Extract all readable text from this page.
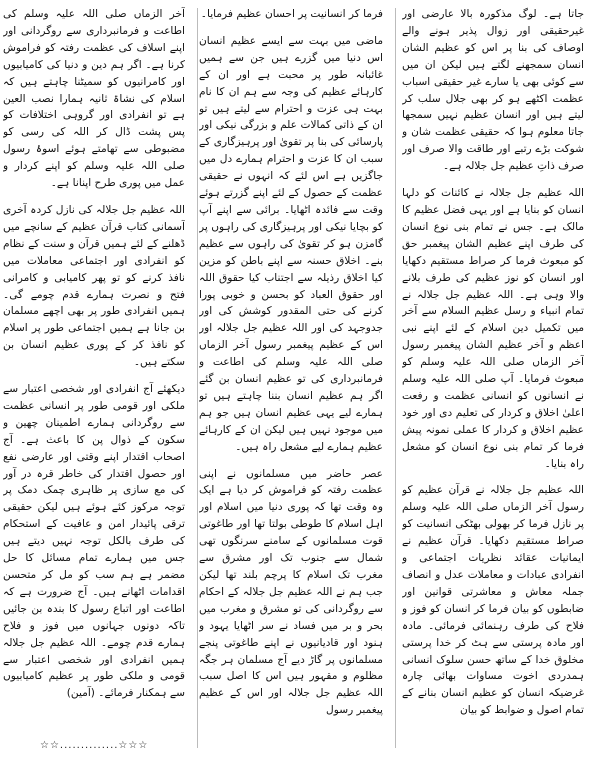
جاتا ہے۔ لوگ مذکورہ بالا عارضی اور غیرحقیقی اور زوال پذیر ہونے والے اوصاف کی بنا پر اس کو عظیم الشان انسان سمجھنے لگتے ہیں لیکن ان میں سے کوئی بھی یا سارے غیر حقیقی اسباب عظمت اکٹھے ہو کر بھی جلال سلب کر لیتے ہیں اور انسان عظیم نہیں سمجھا جاتا معلوم ہوا کہ حقیقی عظمت شان و شوکت بڑے رتبے اور طاقت والا صرف اور صرف ذاتِ عظیم جل جلالہ ہے۔

اللہ عظیم جل جلالہ نے کائنات کو دلہا انسان کو بنایا ہے اور یہی فضل عظیم کا مالک ہے۔ جس نے تمام بنی نوع انسان کی طرف اپنے عظیم الشان پیغمبر حق کو مبعوث فرما کر صراط مستقیم دکھایا اور انسان کو نوز عظیم کی طرف بلانے والا وہی ہے۔ اللہ عظیم جل جلالہ نے تمام انبیاء و رسل عظیم السلام سے آخر میں تکمیل دین اسلام کے لئے اپنے نبی اعظم و آخر عظیم الشان پیغمبر رسول آخر الزماں صلی اللہ علیہ وسلم کو مبعوث فرمایا۔ آپ صلی اللہ علیہ وسلم نے انسانوں کو انسانی عظمت و رفعت اعلیٰ اخلاق و کردار کی تعلیم دی اور خود عظیم اخلاق و کردار کا عملی نمونہ پیش فرما کر تمام بنی نوع انسان کو مشعل راہ بنایا۔

اللہ عظیم جل جلالہ نے قرآن عظیم کو رسول آخر الزماں صلی اللہ علیہ وسلم پر نازل فرما کر بھولی بھٹکی انسانیت کو صراط مستقیم دکھایا۔ قرآن عظیم نے ایمانیات عقائد نظریات اجتماعی و انفرادی عبادات و معاملات عدل و انصاف جملہ معاش و معاشرتی قوانین اور ضابطوں کو بیان فرما کر انسان کو فوز و فلاح کی طرف رہنمائی فرمائی۔ مادہ اور مادہ پرستی سے ہٹ کر خدا پرستی مخلوق خدا کے ساتھ حسن سلوک انسانی ہمدردی اخوت مساوات بھائی چارہ غرضیکہ انسان کو عظیم انسان بنانے کے تمام اصول و ضوابط کو بیان

فرما کر انسانیت پر احسان عظیم فرمایا۔

ماضی میں بہت سے ایسے عظیم انسان اس دنیا میں گزرے ہیں جن سے ہمیں غائبانہ طور پر محبت ہے اور ان کے کارہائے عظیم کی وجہ سے ہم ان کا نام بہت ہی عزت و احترام سے لیتے ہیں تو ان کے ذاتی کمالات علم و بزرگی نیکی اور پارسائی کی بنا پر تقویٰ اور پرہیزگاری کے سبب ان کا عزت و احترام ہمارے دل میں جاگزیں ہے اس لئے کہ انہوں نے حقیقی عظمت کے حصول کے لئے اپنے گزرتے ہوئے وقت سے فائدہ اٹھایا۔ برائی سے اپنے آپ کو بچایا نیکی اور پرہیزگاری کی راہوں پر گامزن ہو کر تقویٰ کی راہوں سے عظیم بنے۔ اخلاق حسنہ سے اپنے باطن کو مزین کیا اخلاق رذیلہ سے اجتناب کیا حقوق اللہ اور حقوق العباد کو بحسن و خوبی پورا کرنے کی حتی المقدور کوشش کی اور جدوجہد کی اور اللہ عظیم جل جلالہ اور اس کے عظیم پیغمبر رسول آخر الزماں صلی اللہ علیہ وسلم کی اطاعت و فرمانبرداری کی تو عظیم انسان بن گئے اگر ہم عظیم انسان بننا چاہتے ہیں تو ہمارے لیے یہی عظیم انسان ہیں جو ہم میں موجود نہیں ہیں لیکن ان کے کارہائے عظیم ہمارے لیے مشعل راہ ہیں۔

عصر حاضر میں مسلمانوں نے اپنی عظمت رفتہ کو فراموش کر دیا ہے ایک وہ وقت تھا کہ پوری دنیا میں اسلام اور اہل اسلام کا طوطی بولتا تھا اور طاغوتی قوت مسلمانوں کے سامنے سرنگوں تھی شمال سے جنوب تک اور مشرق سے مغرب تک اسلام کا پرچم بلند تھا لیکن جب ہم نے اللہ عظیم جل جلالہ کے احکام سے روگردانی کی تو مشرق و مغرب میں بحر و بر میں فساد نے سر اٹھایا یہود و ہنود اور قادیانیوں نے اپنے طاغوتی پنجے مسلمانوں پر گاڑ دیے آج مسلمان ہر جگہ مظلوم و مقہور ہیں اس کا اصل سبب اللہ عظیم جل جلالہ اور اس کے عظیم پیغمبر رسول

آخر الزماں صلی اللہ علیہ وسلم کی اطاعت و فرمانبرداری سے روگردانی اور اپنے اسلاف کی عظمت رفتہ کو فراموش کرنا ہے۔ اگر ہم دین و دنیا کی کامیابیوں اور کامرانیوں کو سمیٹنا چاہتے ہیں کہ اسلام کی نشاۃ ثانیہ ہمارا نصب العین ہے تو انفرادی اور گروہی اختلافات کو پس پشت ڈال کر اللہ کی رسی کو مضبوطی سے تھامتے ہوئے اسوۂ رسول صلی اللہ علیہ وسلم کو اپنے کردار و عمل میں پوری طرح اپنانا ہے۔

اللہ عظیم جل جلالہ کی نازل کردہ آخری آسمانی کتاب قرآن عظیم کے سانچے میں ڈھلنے کے لئے ہمیں قرآن و سنت کے نظام کو انفرادی اور اجتماعی معاملات میں نافذ کرنے کو تو پھر کامیابی و کامرانی فتح و نصرت ہمارے قدم چومے گی۔ ہمیں انفرادی طور پر بھی اچھے مسلمان بن جانا ہے ہمیں اجتماعی طور پر اسلام کو نافذ کر کے پوری عظیم انسان بن سکتے ہیں۔

دیکھئے آج انفرادی اور شخصی اعتبار سے ملکی اور قومی طور پر انسانی عظمت سے روگردانی ہمارے اطمینان چھین و سکون کے ذوال پن کا باعث ہے۔ آج اصحاب اقتدار اپنے وقتی اور عارضی نفع اور حصول اقتدار کی خاطر قرہ در آور کی مع سازی پر ظاہری چمک دمک پر توجہ مرکوز کئے ہوئے ہیں لیکن حقیقی ترقی پائیدار امن و عافیت کے استحکام کی طرف بالکل توجہ نہیں دیتے ہیں جس میں ہمارے تمام مسائل کا حل مضمر ہے ہم سب کو مل کر متحسن اقدامات اٹھانے ہیں۔ آج ضرورت ہے کہ اطاعت اور اتباع رسول کا بندہ بن جائیں تاکہ دونوں جہانوں میں فوز و فلاح ہمارے قدم چومے۔ اللہ عظیم جل جلالہ ہمیں انفرادی اور شخصی اعتبار سے قومی و ملکی طور پر عظیم کامیابیوں سے ہمکنار فرمائے۔ (آمین)

☆☆..............☆☆☆
